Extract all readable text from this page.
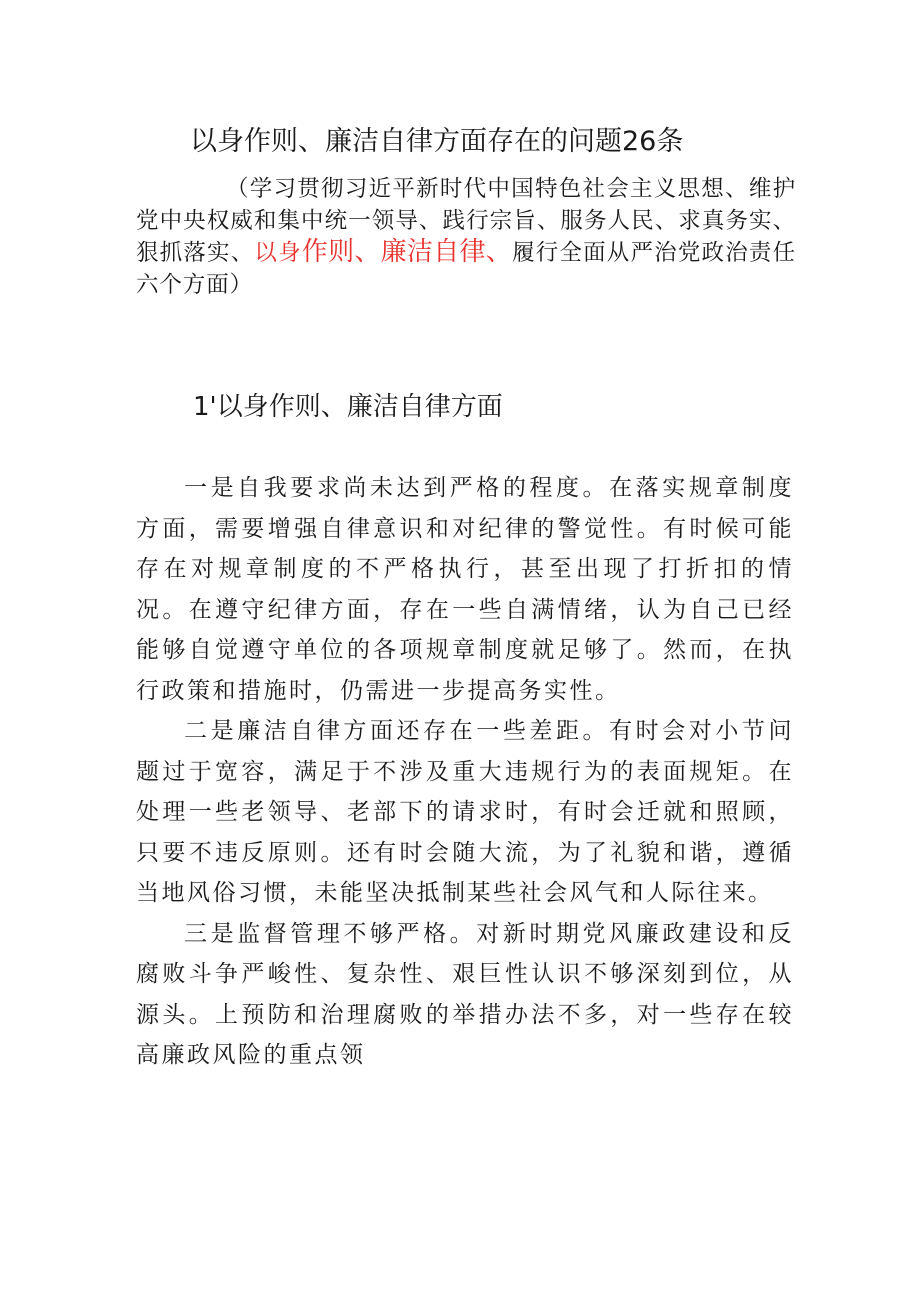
以身作则、廉洁自律方面存在的问题26条

（学习贯彻习近平新时代中国特色社会主义思想、维护党中央权威和集中统一领导、践行宗旨、服务人民、求真务实、狠抓落实、以身作则、廉洁自律、履行全面从严治党政治责任六个方面）

1'以身作则、廉洁自律方面

一是自我要求尚未达到严格的程度。在落实规章制度方面，需要增强自律意识和对纪律的警觉性。有时候可能存在对规章制度的不严格执行，甚至出现了打折扣的情况。在遵守纪律方面，存在一些自满情绪，认为自己已经能够自觉遵守单位的各项规章制度就足够了。然而，在执行政策和措施时，仍需进一步提高务实性。

二是廉洁自律方面还存在一些差距。有时会对小节问题过于宽容，满足于不涉及重大违规行为的表面规矩。在处理一些老领导、老部下的请求时，有时会迁就和照顾，只要不违反原则。还有时会随大流，为了礼貌和谐，遵循当地风俗习惯，未能坚决抵制某些社会风气和人际往来。

三是监督管理不够严格。对新时期党风廉政建设和反腐败斗争严峻性、复杂性、艰巨性认识不够深刻到位，从源头。上预防和治理腐败的举措办法不多，对一些存在较高廉政风险的重点领
